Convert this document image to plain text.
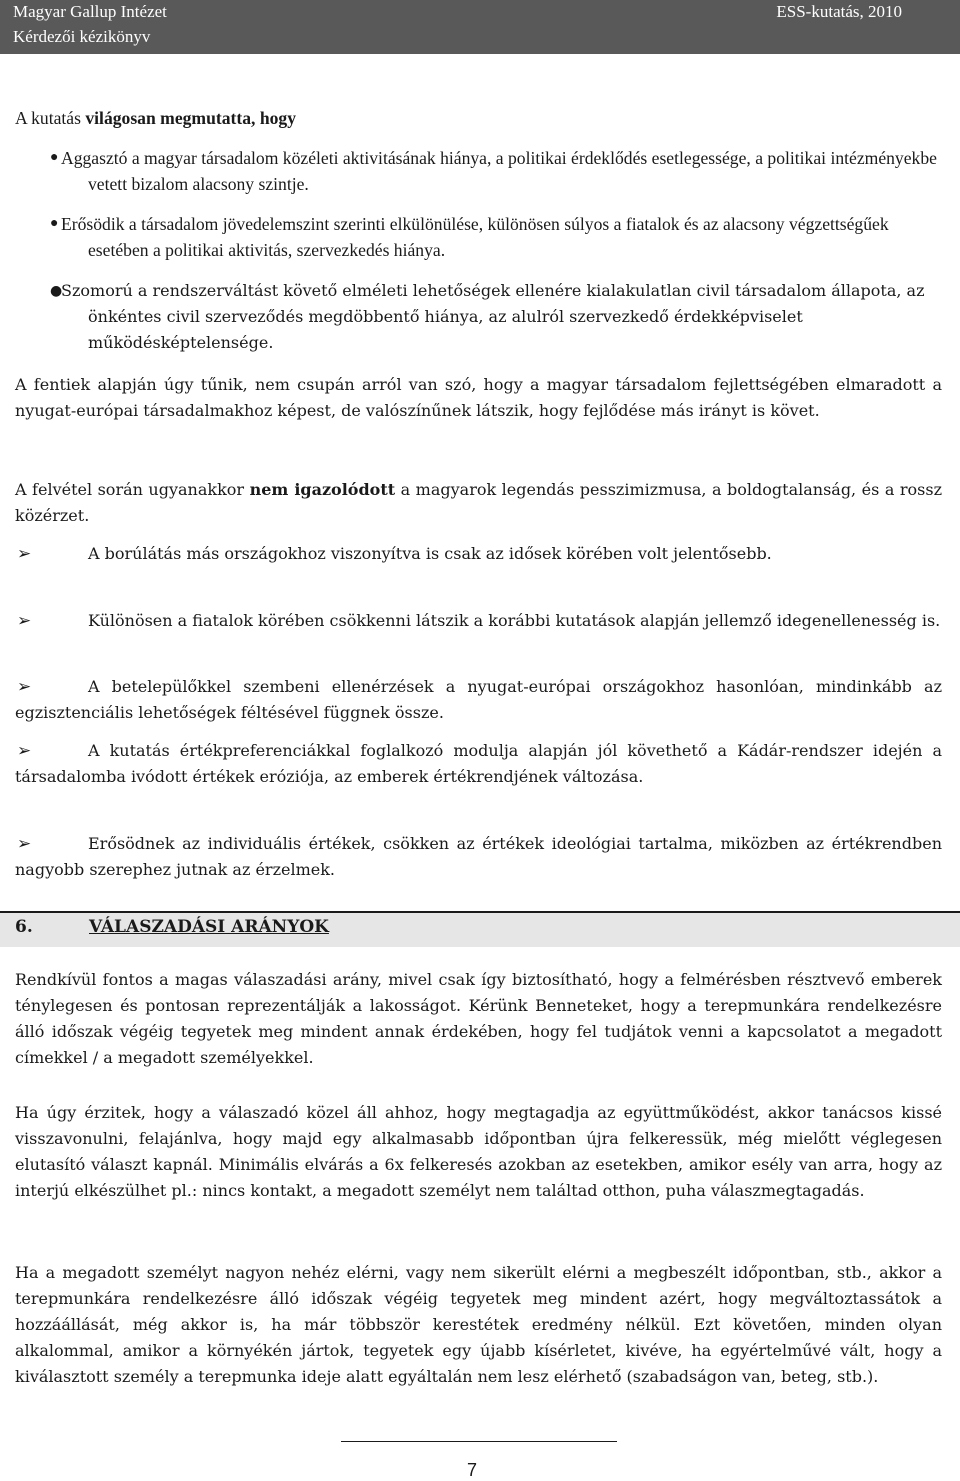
Magyar Gallup Intézet
Kérdezői kézikönyv
ESS-kutatás, 2010

A kutatás világosan megmutatta, hogy

● Aggasztó a magyar társadalom közéleti aktivitásának hiánya, a politikai érdeklődés esetlegessége, a politikai intézményekbe vetett bizalom alacsony szintje.
● Erősödik a társadalom jövedelemszint szerinti elkülönülése, különösen súlyos a fiatalok és az alacsony végzettségűek esetében a politikai aktivitás, szervezkedés hiánya.
●
Szomorú a rendszerváltást követő elméleti lehetőségek ellenére kialakulatlan civil társadalom állapota, az önkéntes civil szerveződés megdöbbentő hiánya, az alulról szervezkedő érdekképviselet működésképtelensége.

A fentiek alapján úgy tűnik, nem csupán arról van szó, hogy a magyar társadalom fejlettségében elmaradott a nyugat-európai társadalmakhoz képest, de valószínűnek látszik, hogy fejlődése más irányt is követ.

A felvétel során ugyanakkor nem igazolódott a magyarok legendás pesszimizmusa, a boldogtalanság, és a rossz közérzet.

➢	A borúlátás más országokhoz viszonyítva is csak az idősek körében volt jelentősebb.
➢	Különösen a fiatalok körében csökkenni látszik a korábbi kutatások alapján jellemző idegenellenesség is.
➢	A betelepülőkkel szembeni ellenérzések a nyugat-európai országokhoz hasonlóan, mindinkább az egzisztenciális lehetőségek féltésével függnek össze.
➢	A kutatás értékpreferenciákkal foglalkozó modulja alapján jól követhető a Kádár-rendszer idején a társadalomba ivódott értékek eróziója, az emberek értékrendjének változása.
➢	Erősödnek az individuális értékek, csökken az értékek ideológiai tartalma, miközben az értékrendben nagyobb szerephez jutnak az érzelmek.
6.	VÁLASZADÁSI ARÁNYOK

Rendkívül fontos a magas válaszadási arány, mivel csak így biztosítható, hogy a felmérésben résztvevő emberek ténylegesen és pontosan reprezentálják a lakosságot. Kérünk Benneteket, hogy a terepmunkára rendelkezésre álló időszak végéig tegyetek meg mindent annak érdekében, hogy fel tudjátok venni a kapcsolatot a megadott címekkel / a megadott személyekkel.

Ha úgy érzitek, hogy a válaszadó közel áll ahhoz, hogy megtagadja az együttműködést, akkor tanácsos kissé visszavonulni, felajánlva, hogy majd egy alkalmasabb időpontban újra felkeressük, még mielőtt véglegesen elutasító választ kapnál. Minimális elvárás a 6x felkeresés azokban az esetekben, amikor esély van arra, hogy az interjú elkészülhet pl.: nincs kontakt, a megadott személyt nem találtad otthon, puha válaszmegtagadás.

Ha a megadott személyt nagyon nehéz elérni, vagy nem sikerült elérni a megbeszélt időpontban, stb., akkor a terepmunkára rendelkezésre álló időszak végéig tegyetek meg mindent azért, hogy megváltoztassátok a hozzáállását, még akkor is, ha már többször kerestétek eredmény nélkül. Ezt követően, minden olyan alkalommal, amikor a környékén jártok, tegyetek egy újabb kísérletet, kivéve, ha egyértelművé vált, hogy a kiválasztott személy a terepmunka ideje alatt egyáltalán nem lesz elérhető (szabadságon van, beteg, stb.).

7
